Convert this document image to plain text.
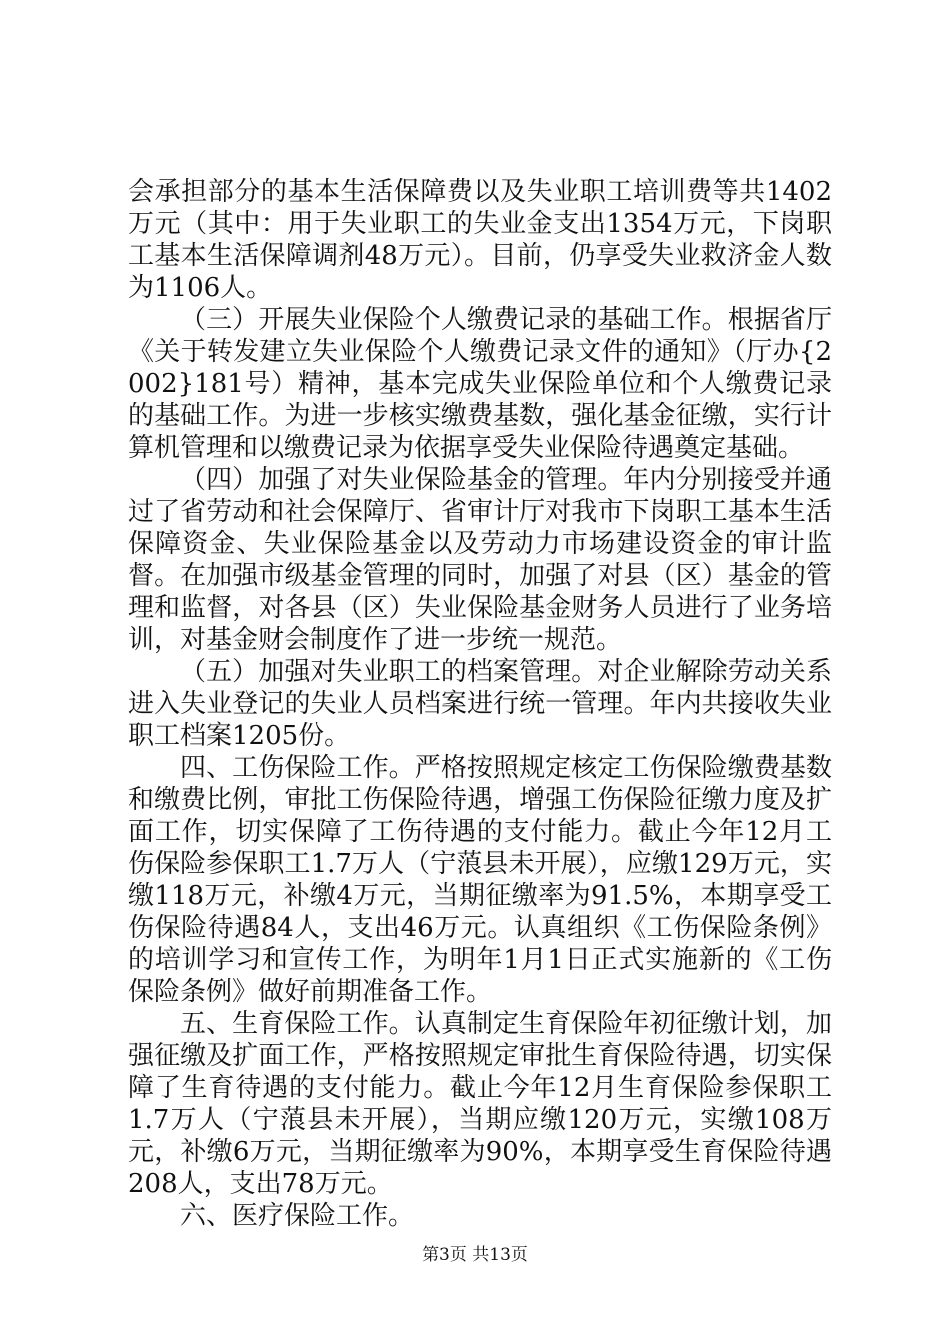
会承担部分的基本生活保障费以及失业职工培训费等共1402万元（其中：用于失业职工的失业金支出1354万元，下岗职工基本生活保障调剂48万元）。目前，仍享受失业救济金人数为1106人。

（三）开展失业保险个人缴费记录的基础工作。根据省厅《关于转发建立失业保险个人缴费记录文件的通知》（厅办{2002}181号）精神，基本完成失业保险单位和个人缴费记录的基础工作。为进一步核实缴费基数，强化基金征缴，实行计算机管理和以缴费记录为依据享受失业保险待遇奠定基础。

（四）加强了对失业保险基金的管理。年内分别接受并通过了省劳动和社会保障厅、省审计厅对我市下岗职工基本生活保障资金、失业保险基金以及劳动力市场建设资金的审计监督。在加强市级基金管理的同时，加强了对县（区）基金的管理和监督，对各县（区）失业保险基金财务人员进行了业务培训，对基金财会制度作了进一步统一规范。

（五）加强对失业职工的档案管理。对企业解除劳动关系进入失业登记的失业人员档案进行统一管理。年内共接收失业职工档案1205份。

四、工伤保险工作。严格按照规定核定工伤保险缴费基数和缴费比例，审批工伤保险待遇，增强工伤保险征缴力度及扩面工作，切实保障了工伤待遇的支付能力。截止今年12月工伤保险参保职工1.7万人（宁蒗县未开展），应缴129万元，实缴118万元，补缴4万元，当期征缴率为91.5%，本期享受工伤保险待遇84人，支出46万元。认真组织《工伤保险条例》的培训学习和宣传工作，为明年1月1日正式实施新的《工伤保险条例》做好前期准备工作。

五、生育保险工作。认真制定生育保险年初征缴计划，加强征缴及扩面工作，严格按照规定审批生育保险待遇，切实保障了生育待遇的支付能力。截止今年12月生育保险参保职工1.7万人（宁蒗县未开展），当期应缴120万元，实缴108万元，补缴6万元，当期征缴率为90%，本期享受生育保险待遇208人，支出78万元。

六、医疗保险工作。

第3页 共13页
